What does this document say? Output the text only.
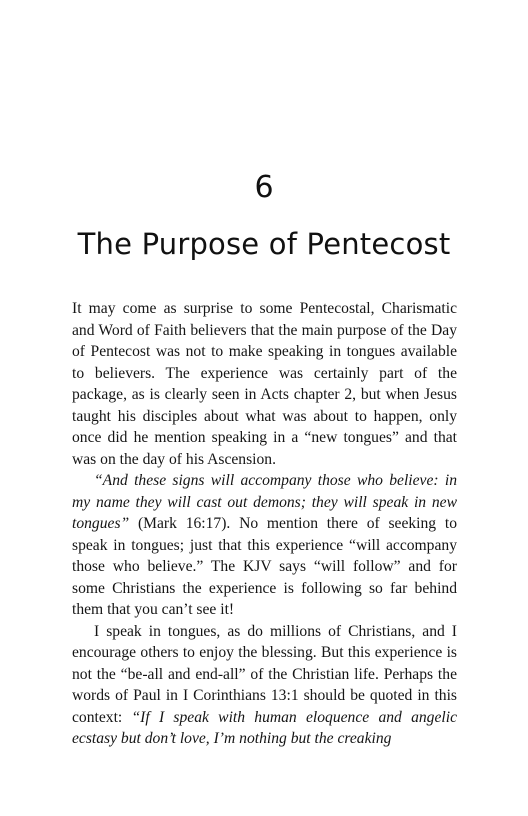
6
The Purpose of Pentecost

It may come as surprise to some Pentecostal, Charismatic and Word of Faith believers that the main purpose of the Day of Pentecost was not to make speaking in tongues available to believers. The experience was certainly part of the package, as is clearly seen in Acts chapter 2, but when Jesus taught his disciples about what was about to happen, only once did he mention speaking in a “new tongues” and that was on the day of his Ascension.

“And these signs will accompany those who believe: in my name they will cast out demons; they will speak in new tongues” (Mark 16:17). No mention there of seeking to speak in tongues; just that this experience “will accompany those who believe.” The KJV says “will follow” and for some Christians the experience is following so far behind them that you can’t see it!

I speak in tongues, as do millions of Christians, and I encourage others to enjoy the blessing. But this experience is not the “be-all and end-all” of the Christian life. Perhaps the words of Paul in I Corinthians 13:1 should be quoted in this context: “If I speak with human eloquence and angelic ecstasy but don’t love, I’m nothing but the creaking
